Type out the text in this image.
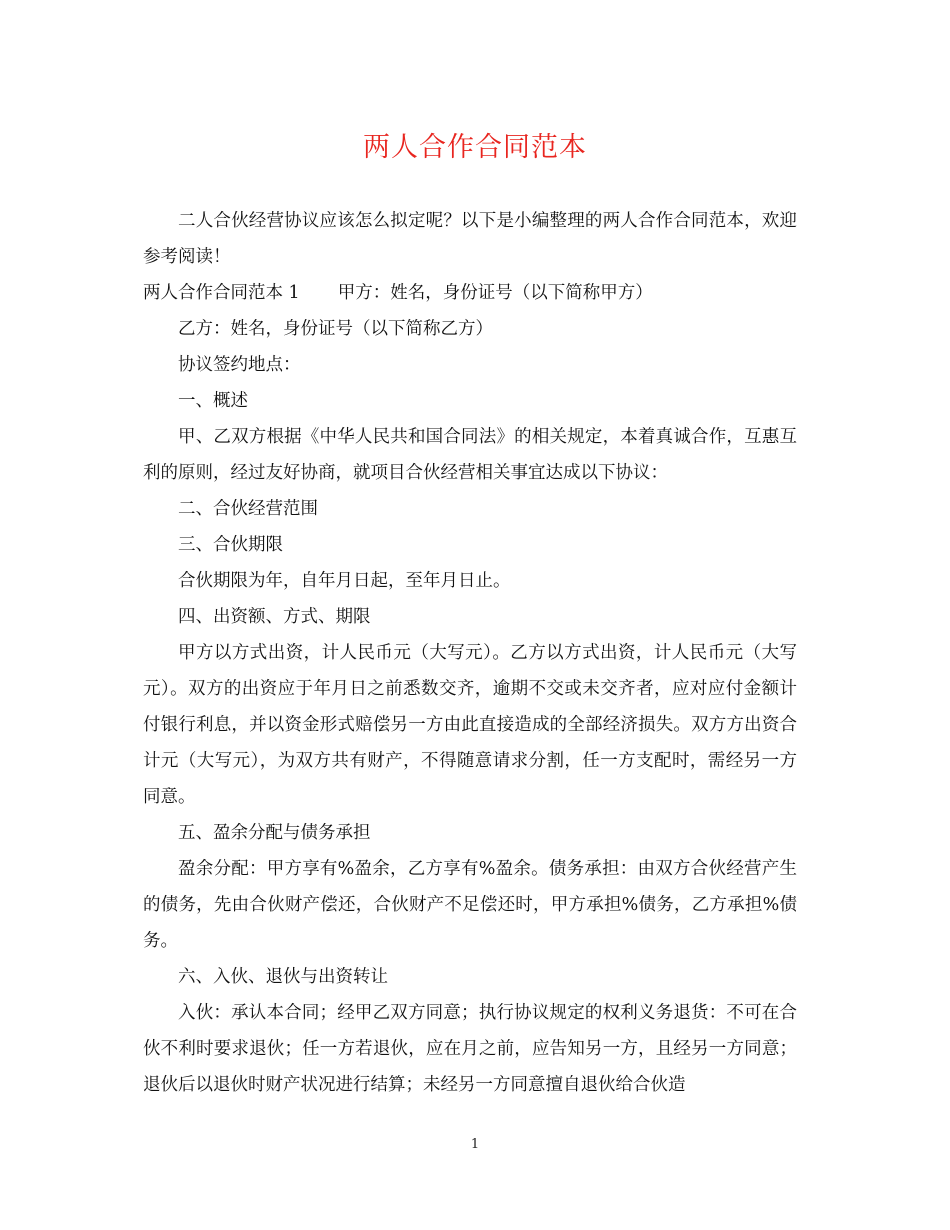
两人合作合同范本

二人合伙经营协议应该怎么拟定呢？以下是小编整理的两人合作合同范本，欢迎参考阅读！

两人合作合同范本 1 甲方：姓名，身份证号（以下简称甲方）

乙方：姓名，身份证号（以下简称乙方）

协议签约地点：

一、概述

甲、乙双方根据《中华人民共和国合同法》的相关规定，本着真诚合作，互惠互利的原则，经过友好协商，就项目合伙经营相关事宜达成以下协议：

二、合伙经营范围

三、合伙期限

合伙期限为年，自年月日起，至年月日止。

四、出资额、方式、期限

甲方以方式出资，计人民币元（大写元）。乙方以方式出资，计人民币元（大写元）。双方的出资应于年月日之前悉数交齐，逾期不交或未交齐者，应对应付金额计付银行利息，并以资金形式赔偿另一方由此直接造成的全部经济损失。双方方出资合计元（大写元），为双方共有财产，不得随意请求分割，任一方支配时，需经另一方同意。

五、盈余分配与债务承担

盈余分配：甲方享有%盈余，乙方享有%盈余。债务承担：由双方合伙经营产生的债务，先由合伙财产偿还，合伙财产不足偿还时，甲方承担%债务，乙方承担%债务。

六、入伙、退伙与出资转让

入伙：承认本合同；经甲乙双方同意；执行协议规定的权利义务退货：不可在合伙不利时要求退伙；任一方若退伙，应在月之前，应告知另一方，且经另一方同意；退伙后以退伙时财产状况进行结算；未经另一方同意擅自退伙给合伙造

1
